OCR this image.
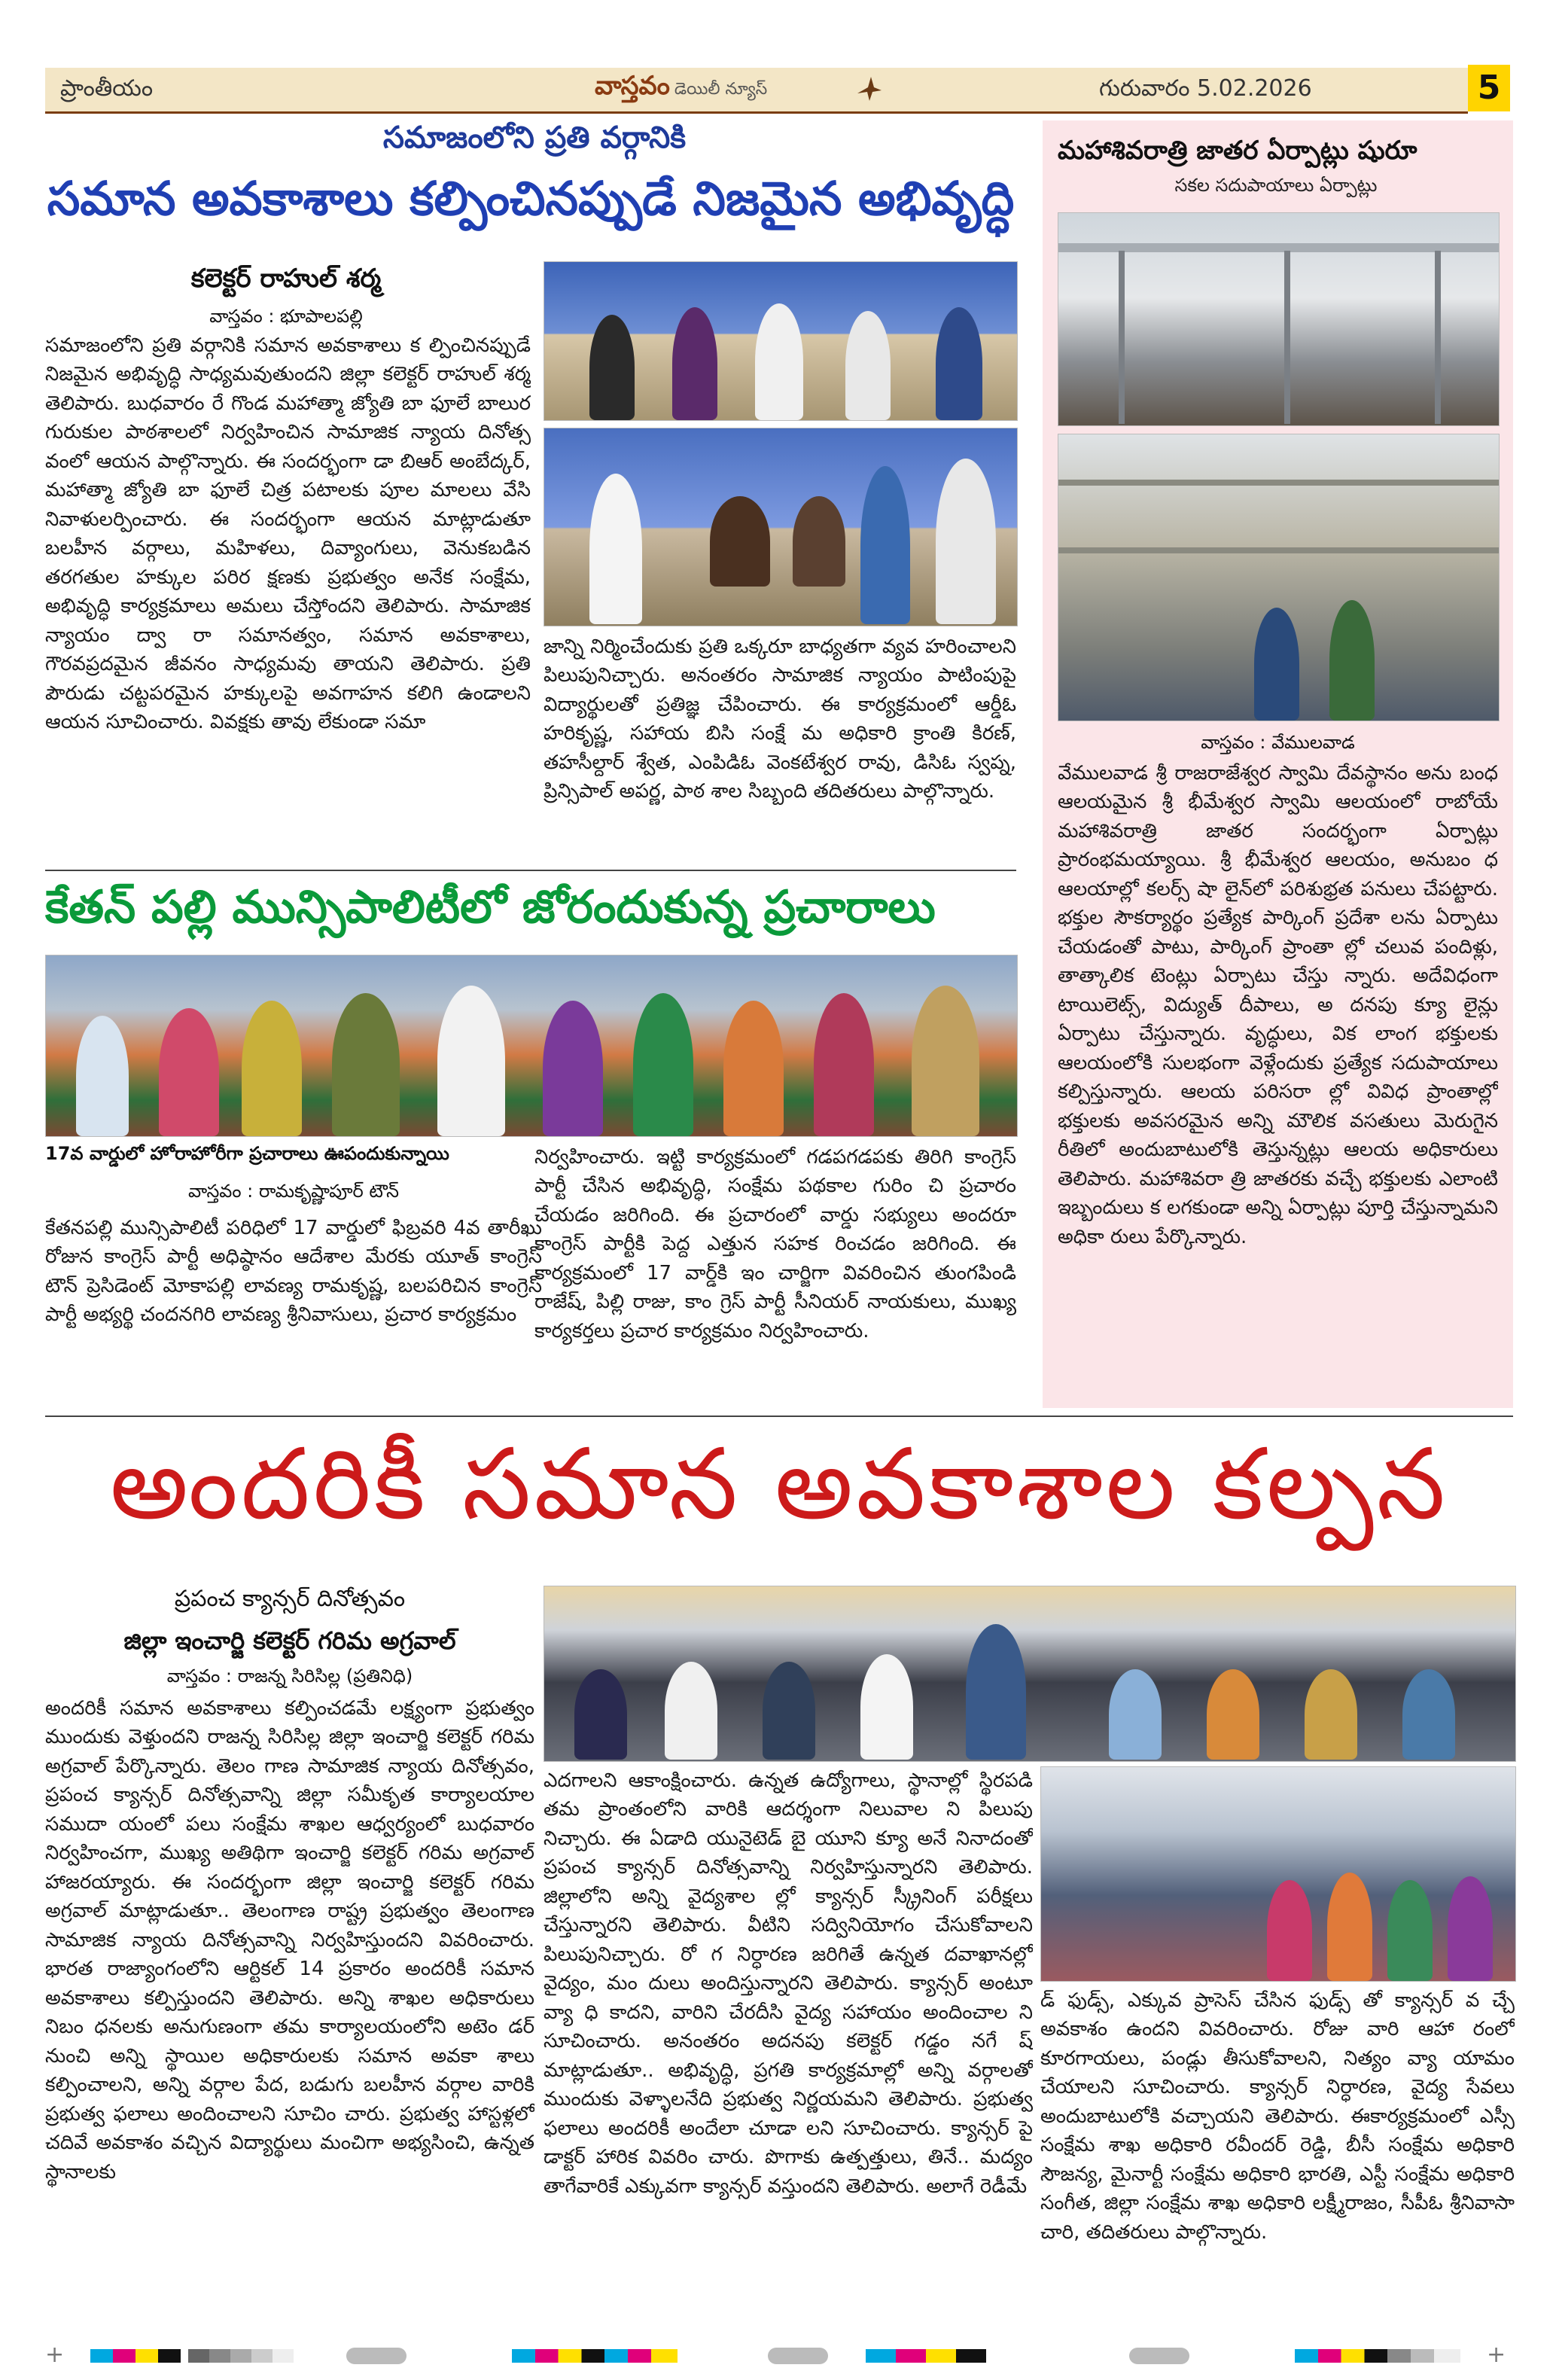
ప్రాంతీయం	వాస్తవం డెయిలీ న్యూస్	గురువారం 5.02.2026	5
సమాజంలోని ప్రతి వర్గానికి
సమాన అవకాశాలు కల్పించినప్పుడే నిజమైన అభివృద్ధి
కలెక్టర్ రాహుల్ శర్మ
వాస్తవం : భూపాలపల్లి
సమాజంలోని ప్రతి వర్గానికి సమాన అవకాశాలు క ల్పించినప్పుడే నిజమైన అభివృద్ధి సాధ్యమవుతుందని జిల్లా కలెక్టర్ రాహుల్ శర్మ తెలిపారు. బుధవారం రే గొండ మహాత్మా జ్యోతి బా ఫూలే బాలుర గురుకుల పాఠశాలలో నిర్వహించిన సామాజిక న్యాయ దినోత్స వంలో ఆయన పాల్గొన్నారు. ఈ సందర్భంగా డా బిఆర్ అంబేద్కర్, మహాత్మా జ్యోతి బా ఫూలే చిత్ర పటాలకు పూల మాలలు వేసి నివాళులర్పించారు. ఈ సందర్భంగా ఆయన మాట్లాడుతూ బలహీన వర్గాలు, మహిళలు, దివ్యాంగులు, వెనుకబడిన తరగతుల హక్కుల పరిర క్షణకు ప్రభుత్వం అనేక సంక్షేమ, అభివృద్ధి కార్యక్రమాలు అమలు చేస్తోందని తెలిపారు. సామాజిక న్యాయం ద్వా రా సమానత్వం, సమాన అవకాశాలు, గౌరవప్రదమైన జీవనం సాధ్యమవు తాయని తెలిపారు. ప్రతి పౌరుడు చట్టపరమైన హక్కులపై అవగాహన కలిగి ఉండాలని ఆయన సూచించారు. వివక్షకు తావు లేకుండా సమా
జాన్ని నిర్మించేందుకు ప్రతి ఒక్కరూ బాధ్యతగా వ్యవ హరించాలని పిలుపునిచ్చారు. అనంతరం సామాజిక న్యాయం పాటింపుపై విద్యార్థులతో ప్రతిజ్ఞ చేపించారు. ఈ కార్యక్రమంలో ఆర్డీఓ హరికృష్ణ, సహాయ బిసి సంక్షే మ అధికారి క్రాంతి కిరణ్, తహసీల్దార్ శ్వేత, ఎంపిడిఓ వెంకటేశ్వర రావు, డిసిఓ స్వప్న, ప్రిన్సిపాల్ అపర్ణ, పాఠ శాల సిబ్బంది తదితరులు పాల్గొన్నారు.
కేతన్ పల్లి మున్సిపాలిటీలో జోరందుకున్న ప్రచారాలు
17వ వార్డులో హోరాహోరీగా ప్రచారాలు ఊపందుకున్నాయి
వాస్తవం : రామకృష్ణాపూర్ టౌన్
కేతనపల్లి మున్సిపాలిటీ పరిధిలో 17 వార్డులో ఫిబ్రవరి 4వ తారీఖు రోజున కాంగ్రెస్ పార్టీ అధిష్ఠానం ఆదేశాల మేరకు యూత్ కాంగ్రెస్ టౌన్ ప్రెసిడెంట్ మోకాపల్లి లావణ్య రామకృష్ణ, బలపరిచిన కాంగ్రెస్ పార్టీ అభ్యర్థి చందనగిరి లావణ్య శ్రీనివాసులు, ప్రచార కార్యక్రమం
నిర్వహించారు. ఇట్టి కార్యక్రమంలో గడపగడపకు తిరిగి కాంగ్రెస్ పార్టీ చేసిన అభివృద్ధి, సంక్షేమ పథకాల గురిం చి ప్రచారం చేయడం జరిగింది. ఈ ప్రచారంలో వార్డు సభ్యులు అందరూ కాంగ్రెస్ పార్టీకి పెద్ద ఎత్తున సహక రించడం జరిగింది. ఈ కార్యక్రమంలో 17 వార్డ్‌కి ఇం చార్జిగా వివరించిన తుంగపిండి రాజేష్, పిల్లి రాజు, కాం గ్రెస్ పార్టీ సీనియర్ నాయకులు, ముఖ్య కార్యకర్తలు ప్రచార కార్యక్రమం నిర్వహించారు.
మహాశివరాత్రి జాతర ఏర్పాట్లు షురూ
సకల సదుపాయాలు ఏర్పాట్లు
వాస్తవం : వేములవాడ
వేములవాడ శ్రీ రాజరాజేశ్వర స్వామి దేవస్థానం అను బంధ ఆలయమైన శ్రీ భీమేశ్వర స్వామి ఆలయంలో రాబోయే మహాశివరాత్రి జాతర సందర్భంగా ఏర్పాట్లు ప్రారంభమయ్యాయి. శ్రీ భీమేశ్వర ఆలయం, అనుబం ధ ఆలయాల్లో కలర్స్ షా లైన్‌లో పరిశుభ్రత పనులు చేపట్టారు. భక్తుల సౌకర్యార్థం ప్రత్యేక పార్కింగ్ ప్రదేశా లను ఏర్పాటు చేయడంతో పాటు, పార్కింగ్ ప్రాంతా ల్లో చలువ పందిళ్లు, తాత్కాలిక టెంట్లు ఏర్పాటు చేస్తు న్నారు. అదేవిధంగా టాయిలెట్స్, విద్యుత్ దీపాలు, అ దనపు క్యూ లైన్లు ఏర్పాటు చేస్తున్నారు. వృద్ధులు, విక లాంగ భక్తులకు ఆలయంలోకి సులభంగా వెళ్లేందుకు ప్రత్యేక సదుపాయాలు కల్పిస్తున్నారు. ఆలయ పరిసరా ల్లో వివిధ ప్రాంతాల్లో భక్తులకు అవసరమైన అన్ని మౌలిక వసతులు మెరుగైన రీతిలో అందుబాటులోకి తెస్తున్నట్లు ఆలయ అధికారులు తెలిపారు. మహాశివరా త్రి జాతరకు వచ్చే భక్తులకు ఎలాంటి ఇబ్బందులు క లగకుండా అన్ని ఏర్పాట్లు పూర్తి చేస్తున్నామని అధికా రులు పేర్కొన్నారు.
అందరికీ సమాన అవకాశాల కల్పన
ప్రపంచ క్యాన్సర్ దినోత్సవం
జిల్లా ఇంచార్జి కలెక్టర్ గరిమ అగ్రవాల్
వాస్తవం : రాజన్న సిరిసిల్ల (ప్రతినిధి)
అందరికీ సమాన అవకాశాలు కల్పించడమే లక్ష్యంగా ప్రభుత్వం ముందుకు వెళ్తుందని రాజన్న సిరిసిల్ల జిల్లా ఇంచార్జి కలెక్టర్ గరిమ అగ్రవాల్ పేర్కొన్నారు. తెలం గాణ సామాజిక న్యాయ దినోత్సవం, ప్రపంచ క్యాన్సర్ దినోత్సవాన్ని జిల్లా సమీకృత కార్యాలయాల సముదా యంలో పలు సంక్షేమ శాఖల ఆధ్వర్యంలో బుధవారం నిర్వహించగా, ముఖ్య అతిథిగా ఇంచార్జి కలెక్టర్ గరిమ అగ్రవాల్ హాజరయ్యారు. ఈ సందర్భంగా జిల్లా ఇంచార్జి కలెక్టర్ గరిమ అగ్రవాల్ మాట్లాడుతూ.. తెలంగాణ రాష్ట్ర ప్రభుత్వం తెలంగాణ సామాజిక న్యాయ దినోత్సవాన్ని నిర్వహిస్తుందని వివరించారు. భారత రాజ్యాంగంలోని ఆర్టికల్ 14 ప్రకారం అందరికీ సమాన అవకాశాలు కల్పిస్తుందని తెలిపారు. అన్ని శాఖల అధికారులు నిబం ధనలకు అనుగుణంగా తమ కార్యాలయంలోని అటెం డర్ నుంచి అన్ని స్థాయిల అధికారులకు సమాన అవకా శాలు కల్పించాలని, అన్ని వర్గాల పేద, బడుగు బలహీన వర్గాల వారికి ప్రభుత్వ ఫలాలు అందించాలని సూచిం చారు. ప్రభుత్వ హాస్టళ్లలో చదివే అవకాశం వచ్చిన విద్యార్థులు మంచిగా అభ్యసించి, ఉన్నత స్థానాలకు
ఎదగాలని ఆకాంక్షించారు. ఉన్నత ఉద్యోగాలు, స్థానాల్లో స్థిరపడి తమ ప్రాంతంలోని వారికి ఆదర్శంగా నిలువాల ని పిలుపు నిచ్చారు. ఈ ఏడాది యునైటెడ్ బై యూని క్యూ అనే నినాదంతో ప్రపంచ క్యాన్సర్ దినోత్సవాన్ని నిర్వహిస్తున్నారని తెలిపారు. జిల్లాలోని అన్ని వైద్యశాల ల్లో క్యాన్సర్ స్క్రీనింగ్ పరీక్షలు చేస్తున్నారని తెలిపారు. వీటిని సద్వినియోగం చేసుకోవాలని పిలుపునిచ్చారు. రో గ నిర్ధారణ జరిగితే ఉన్నత దవాఖానల్లో వైద్యం, మం దులు అందిస్తున్నారని తెలిపారు. క్యాన్సర్ అంటూ వ్యా ధి కాదని, వారిని చేరదీసి వైద్య సహాయం అందించాల ని సూచించారు. అనంతరం అదనపు కలెక్టర్ గడ్డం నగే ష్ మాట్లాడుతూ.. అభివృద్ధి, ప్రగతి కార్యక్రమాల్లో అన్ని వర్గాలతో ముందుకు వెళ్ళాలనేది ప్రభుత్వ నిర్ణయమని తెలిపారు. ప్రభుత్వ ఫలాలు అందరికీ అందేలా చూడా లని సూచించారు. క్యాన్సర్ పై డాక్టర్ హారిక వివరిం చారు. పొగాకు ఉత్పత్తులు, తినే.. మద్యం తాగేవారికే ఎక్కువగా క్యాన్సర్ వస్తుందని తెలిపారు. అలాగే రెడీమే
డ్ ఫుడ్స్, ఎక్కువ ప్రాసెస్ చేసిన ఫుడ్స్ తో క్యాన్సర్ వ చ్చే అవకాశం ఉందని వివరించారు. రోజు వారి ఆహా రంలో కూరగాయలు, పండ్లు తీసుకోవాలని, నిత్యం వ్యా యామం చేయాలని సూచించారు. క్యాన్సర్ నిర్ధారణ, వైద్య సేవలు అందుబాటులోకి వచ్చాయని తెలిపారు. ఈకార్యక్రమంలో ఎస్సీ సంక్షేమ శాఖ అధికారి రవీందర్ రెడ్డి, బీసీ సంక్షేమ అధికారి సౌజన్య, మైనార్టీ సంక్షేమ అధికారి భారతి, ఎస్టీ సంక్షేమ అధికారి సంగీత, జిల్లా సంక్షేమ శాఖ అధికారి లక్ష్మీరాజం, సీపీఓ శ్రీనివాసా చారి, తదితరులు పాల్గొన్నారు.
+	+
